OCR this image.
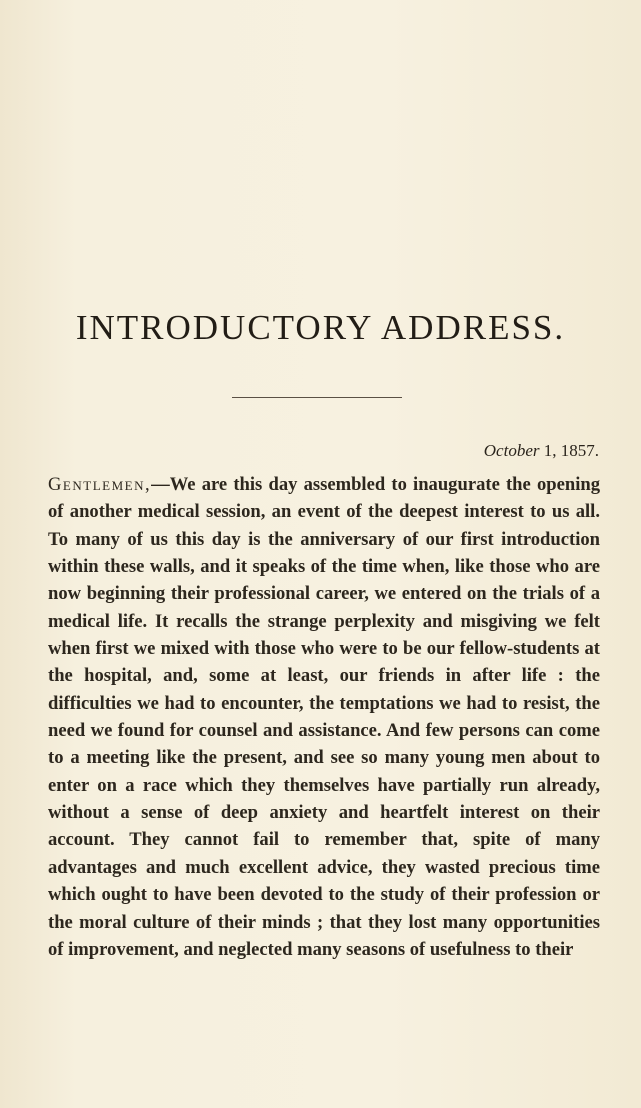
INTRODUCTORY ADDRESS.
October 1, 1857.

Gentlemen,—We are this day assembled to inaugurate the opening of another medical session, an event of the deepest interest to us all. To many of us this day is the anniversary of our first introduction within these walls, and it speaks of the time when, like those who are now beginning their professional career, we entered on the trials of a medical life. It recalls the strange perplexity and misgiving we felt when first we mixed with those who were to be our fellow-students at the hospital, and, some at least, our friends in after life : the difficulties we had to encounter, the temptations we had to resist, the need we found for counsel and assistance. And few persons can come to a meeting like the present, and see so many young men about to enter on a race which they themselves have partially run already, without a sense of deep anxiety and heartfelt interest on their account. They cannot fail to remember that, spite of many advantages and much excellent advice, they wasted precious time which ought to have been devoted to the study of their profession or the moral culture of their minds ; that they lost many opportunities of improvement, and neglected many seasons of usefulness to their
